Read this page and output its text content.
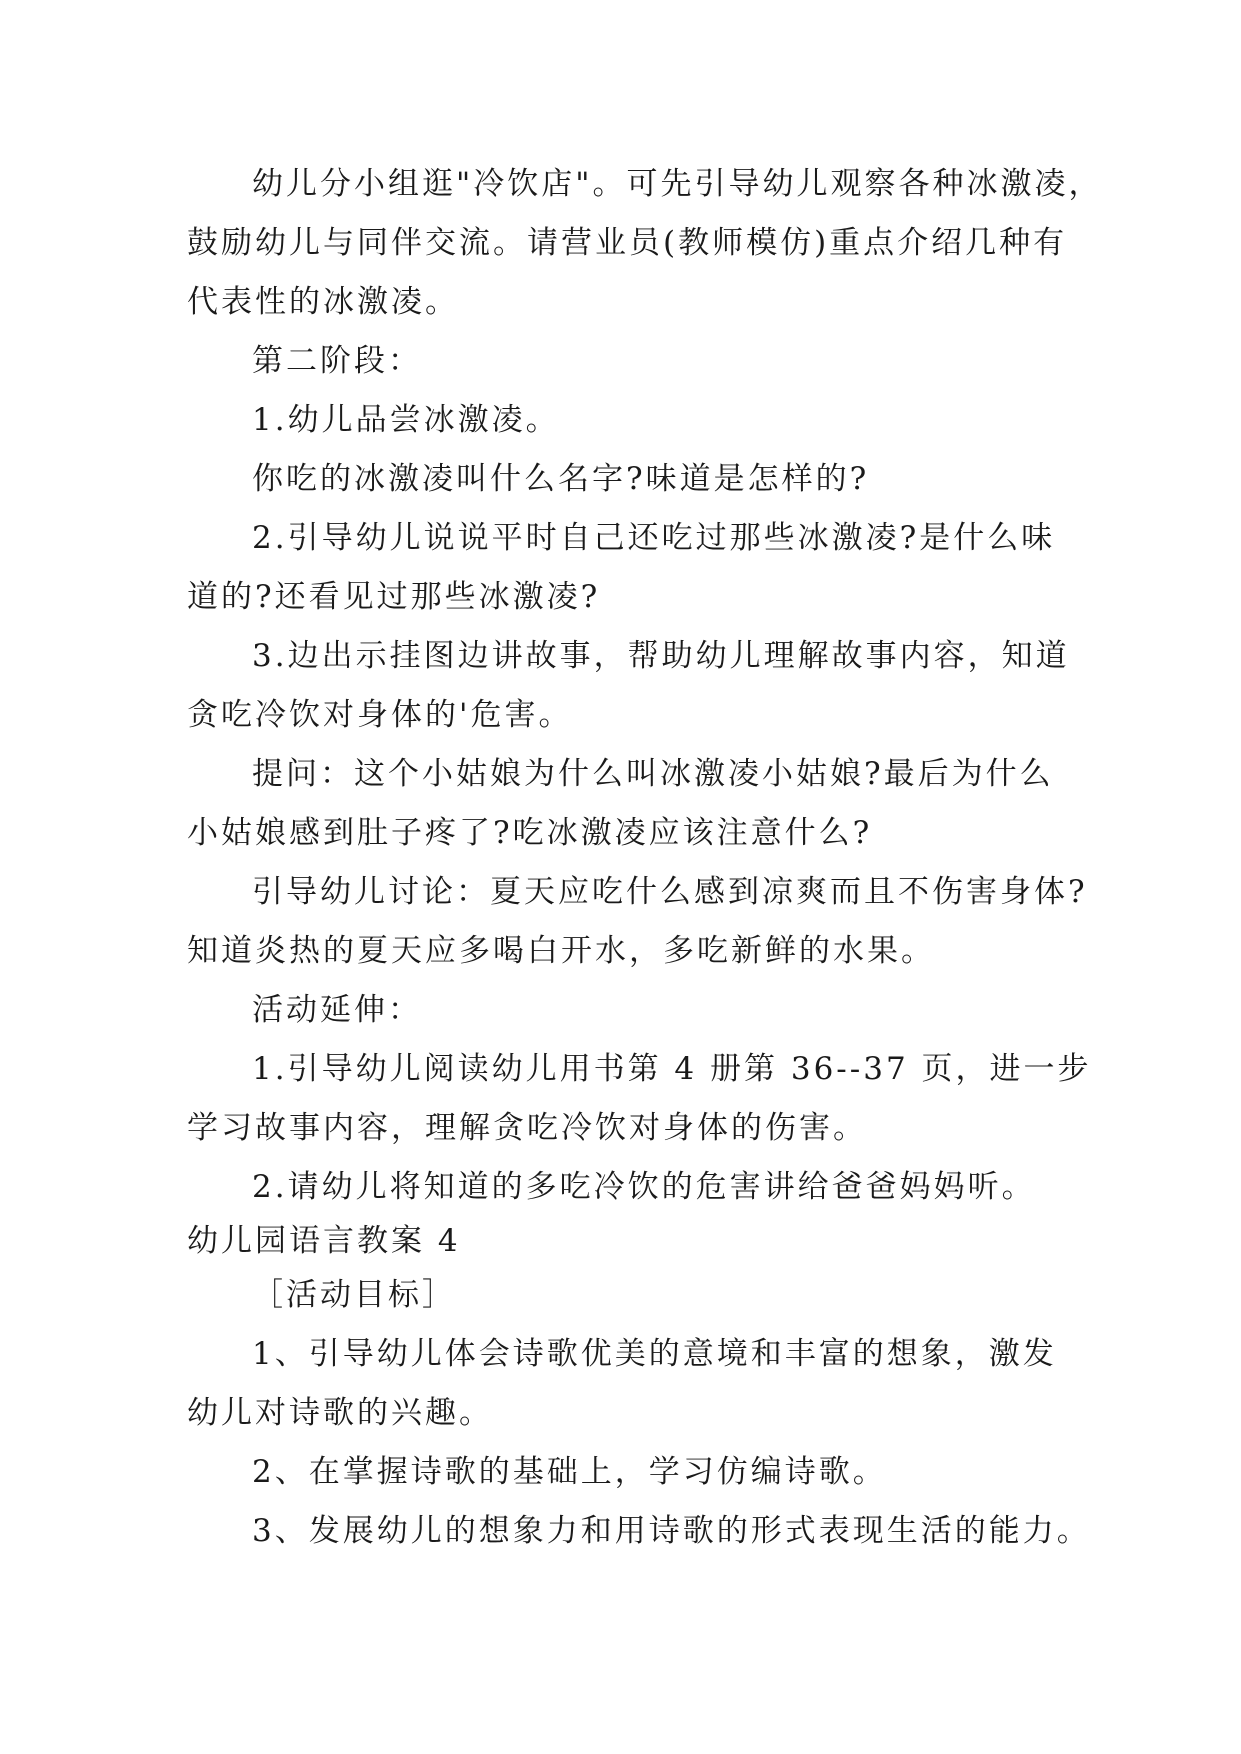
幼儿分小组逛"冷饮店"。可先引导幼儿观察各种冰激凌，
鼓励幼儿与同伴交流。请营业员(教师模仿)重点介绍几种有
代表性的冰激凌。
第二阶段：
1.幼儿品尝冰激凌。
你吃的冰激凌叫什么名字?味道是怎样的?
2.引导幼儿说说平时自己还吃过那些冰激凌?是什么味
道的?还看见过那些冰激凌?
3.边出示挂图边讲故事，帮助幼儿理解故事内容，知道
贪吃冷饮对身体的'危害。
提问：这个小姑娘为什么叫冰激凌小姑娘?最后为什么
小姑娘感到肚子疼了?吃冰激凌应该注意什么?
引导幼儿讨论：夏天应吃什么感到凉爽而且不伤害身体?
知道炎热的夏天应多喝白开水，多吃新鲜的水果。
活动延伸：
1.引导幼儿阅读幼儿用书第 4 册第 36--37 页，进一步
学习故事内容，理解贪吃冷饮对身体的伤害。
2.请幼儿将知道的多吃冷饮的危害讲给爸爸妈妈听。
幼儿园语言教案 4
［活动目标］
1、引导幼儿体会诗歌优美的意境和丰富的想象，激发
幼儿对诗歌的兴趣。
2、在掌握诗歌的基础上，学习仿编诗歌。
3、发展幼儿的想象力和用诗歌的形式表现生活的能力。
